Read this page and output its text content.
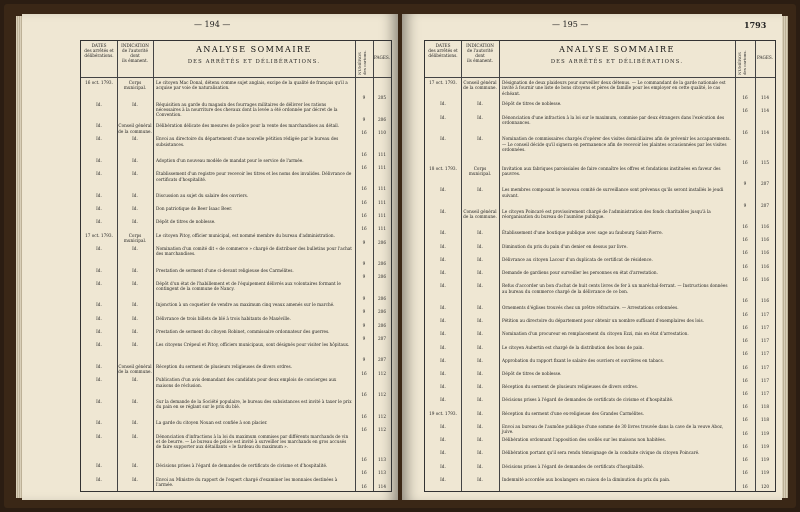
— 194 —
DATES
des arrêtés et
délibérations.
INDICATION
de l'autorité
dont
ils émanent.
ANALYSE SOMMAIRE
DES ARRÊTÉS ET DÉLIBÉRATIONS.	NUMÉROS des cartons. PAGES.
16 oct. 1793.	Corps municipal.
Le citoyen Mac Donal, détenu comme sujet anglais, excipe de la qualité de français qu'il a acquise par voie de naturalisation.
9	205
Id.	Id.	Réquisition au garde du magasin des fourrages militaires de délivrer les rations nécessaires à la nourriture des chevaux dont la levée a été ordonnée par décret de la Convention.
9	206
Id.	Conseil général de la commune.
Délibération délicate des mesures de police pour la vente des marchandises au détail.
16	110
Id.	Id.	Envoi au directoire du département d'une nouvelle pétition rédigée par le bureau des subsistances.
16	111
Id.	Id.	Adoption d'un nouveau modèle de mandat pour le service de l'armée.
16	111
Id.	Id.	Établissement d'un registre pour recevoir les titres et les noms des invalides. Délivrance de certificats d'hospitalité.
16	111
Id.	Id.	Discussion au sujet du salaire des ouvriers.
16	111
Id.	Id.	Don patriotique de Beer Isaac Beer.
16	111
Id.	Id.	Dépôt de titres de noblesse.
16	111
17 oct. 1793.	Corps municipal.
Le citoyen Pitoy, officier municipal, est nommé membre du bureau d'administration.
9	206
Id.	Id.	Nomination d'un comité dit « de commerce » chargé de distribuer des bulletins pour l'achat des marchandises.
9	206
Id.	Id.	Prestation de serment d'une ci-devant religieuse des Carmélites.
9	206
Id.	Id.	Dépôt d'un état de l'habillement et de l'équipement délivrés aux volontaires formant le contingent de la commune de Nancy.
9	206
Id.	Id.	Injonction à un coquetier de vendre au maximum cinq veaux amenés sur le marché.
9	206
Id.	Id.	Délivrance de trois billets de blé à trois habitants de Maxéville.
9	206
Id.	Id.	Prestation de serment du citoyen Robinet, commissaire ordonnateur des guerres.
9	207
Id.	Id.	Les citoyens Crépeul et Pitoy, officiers municipaux, sont désignés pour visiter les hôpitaux.
9	207
Id.	Conseil général de la commune.
Réception du serment de plusieurs religieuses de divers ordres.
16	112
Id.	Id.	Publication d'un avis demandant des candidats pour deux emplois de concierges aux maisons de réclusion.
16	112
Id.	Id.	Sur la demande de la Société populaire, le bureau des subsistances est invité à taxer le prix du pain en se réglant sur le prix du blé.
16	112
Id.	Id.	La garde du citoyen Nouan est confiée à son placier.
16	112
Id.	Id.	Dénonciation d'infractions à la loi du maximum commises par différents marchands de vin et de beurre. — Le bureau de police est invité à surveiller les marchands en gros accusés de faire supporter aux détaillants « le fardeau du maximum ».
16	113
Id.	Id.	Décisions prises à l'égard de demandes de certificats de civisme et d'hospitalité.
16	113
Id.	Id.	Envoi au Ministre du rapport de l'expert chargé d'examiner les monnaies destinées à l'armée.	16	114
— 195 —	1793
DATES
des arrêtés et
délibérations.
INDICATION
de l'autorité
dont
ils émanent.
ANALYSE SOMMAIRE
DES ARRÊTÉS ET DÉLIBÉRATIONS.	NUMÉROS des cartons.	PAGES.
17 oct. 1793.	Conseil général de la commune.
Désignation de deux plaideurs pour surveiller deux détenus. — Le commandant de la garde nationale est invité à fournir une liste de bons citoyens et pères de famille pour les employer en cette qualité, le cas échéant.
16	114
Id.	Id.	Dépôt de titres de noblesse.
16	114
Id.	Id.	Dénonciation d'une infraction à la loi sur le maximum, commise par deux étrangers dans l'exécution des ordonnances.
16	114
Id.	Id.	Nomination de commissaires chargés d'opérer des visites domiciliaires afin de prévenir les accaparements. — Le conseil décide qu'il signera en permanence afin de recevoir les plaintes occasionnées par les visites ordonnées.
16	115
18 oct. 1793.	Corps municipal.
Invitation aux fabriques paroissiales de faire connaître les offres et fondations instituées en faveur des pauvres.
9	207
Id.	Id.	Les membres composant le nouveau comité de surveillance sont prévenus qu'ils seront installés le jeudi suivant.
9	207
Id.	Conseil général de la commune.
Le citoyen Poincaré est provisoirement chargé de l'administration des fonds charitables jusqu'à la réorganisation du bureau de l'aumône publique.
16	116
Id.	Id.	Établissement d'une boutique publique avec sage au faubourg Saint-Pierre.
16	116
Id.	Id.	Diminution du prix du pain d'un denier en dessus par livre.
16	116
Id.	Id.	Délivrance au citoyen Lacour d'un duplicata de certificat de résidence.
16	116
Id.	Id.	Demande de gardiens pour surveiller les personnes en état d'arrestation.
16	116
Id.	Id.	Refus d'accorder un bon d'achat de huit cents livres de fer à un maréchal-ferrant. — Instructions données au bureau du commerce chargé de la délivrance de ce bon.
16	116
Id.	Id.	Ornements d'églises trouvés chez un prêtre réfractaire. — Arrestations ordonnées.
16	117
Id.	Id.	Pétition au directoire du département pour obtenir un nombre suffisant d'exemplaires des lois.
16	117
Id.	Id.	Nomination d'un procureur en remplacement du citoyen Ezzi, mis en état d'arrestation.
16	117
Id.	Id.	Le citoyen Aubertin est chargé de la distribution des bons de pain.
16	117
Id.	Id.	Approbation du rapport fixant le salaire des ouvriers et ouvrières en tabacs.
16	117
Id.	Id.	Dépôt de titres de noblesse.
16	117
Id.	Id.	Réception du serment de plusieurs religieuses de divers ordres.
16	117
Id.	Id.	Décisions prises à l'égard de demandes de certificats de civisme et d'hospitalité.
16	118
19 oct. 1793.	Id.	Réception du serment d'une ex-religieuse des Grandes Carmélites.
16	118
Id.	Id.	Envoi au bureau de l'aumône publique d'une somme de 30 livres trouvée dans la cave de la veuve Aboz, juive.	16	119
Id.	Id.	Délibération ordonnant l'apposition des scellés sur les maisons non habitées.
16	119
Id.	Id.	Délibération portant qu'il sera rendu témoignage de la conduite civique du citoyen Poincaré.
16	119
Id.	Id.	Décisions prises à l'égard de demandes de certificats d'hospitalité.
16	119
Id.	Id.	Indemnité accordée aux boulangers en raison de la diminution du prix du pain.
16	120
